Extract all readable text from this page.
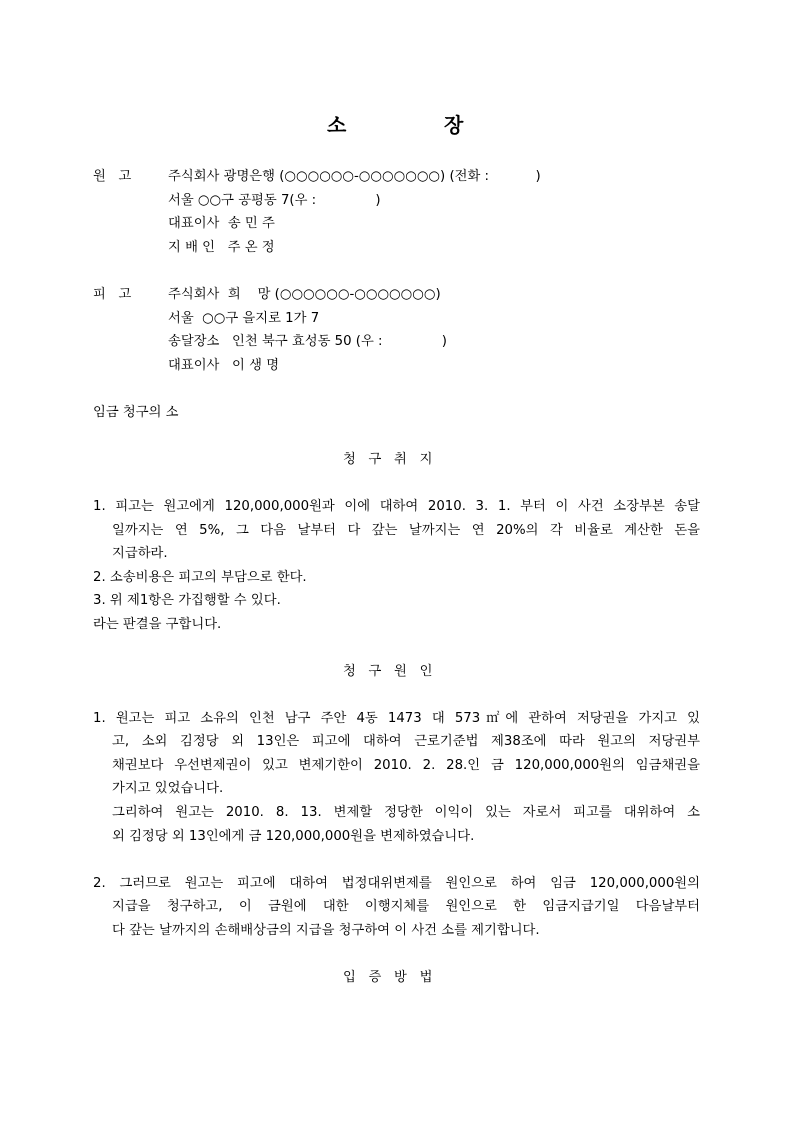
소	장
원   고	주식회사 광명은행 (○○○○○○-○○○○○○○) (전화 :           )
서울 ○○구 공평동 7(우 :              )
대표이사  송 민 주
지 배 인   주 온 정
피   고	주식회사  희    망 (○○○○○○-○○○○○○○)
서울  ○○구 을지로 1가 7
송달장소   인천 북구 효성동 50 (우 :              )
대표이사   이 생 명
임금 청구의 소
청   구   취   지
1. 피고는 원고에게 120,000,000원과 이에 대하여 2010. 3. 1. 부터 이 사건 소장부본 송달
일까지는 연 5%, 그 다음 날부터 다 갚는 날까지는 연 20%의 각 비율로 계산한 돈을
지급하라.
2. 소송비용은 피고의 부담으로 한다.
3. 위 제1항은 가집행할 수 있다.
라는 판결을 구합니다.
청   구   원   인
1. 원고는 피고 소유의 인천 남구 주안 4동 1473 대 573㎡에 관하여 저당권을 가지고 있
고, 소외 김정당 외 13인은 피고에 대하여 근로기준법 제38조에 따라 원고의 저당권부
채권보다 우선변제권이 있고 변제기한이 2010. 2. 28.인 금 120,000,000원의 임금채권을
가지고 있었습니다.
그리하여 원고는 2010. 8. 13. 변제할 정당한 이익이 있는 자로서 피고를 대위하여 소
외 김정당 외 13인에게 금 120,000,000원을 변제하였습니다.
2. 그러므로 원고는 피고에 대하여 법정대위변제를 원인으로 하여 임금 120,000,000원의
지급을 청구하고, 이 금원에 대한 이행지체를 원인으로 한 임금지급기일 다음날부터
다 갚는 날까지의 손해배상금의 지급을 청구하여 이 사건 소를 제기합니다.
입   증   방   법
